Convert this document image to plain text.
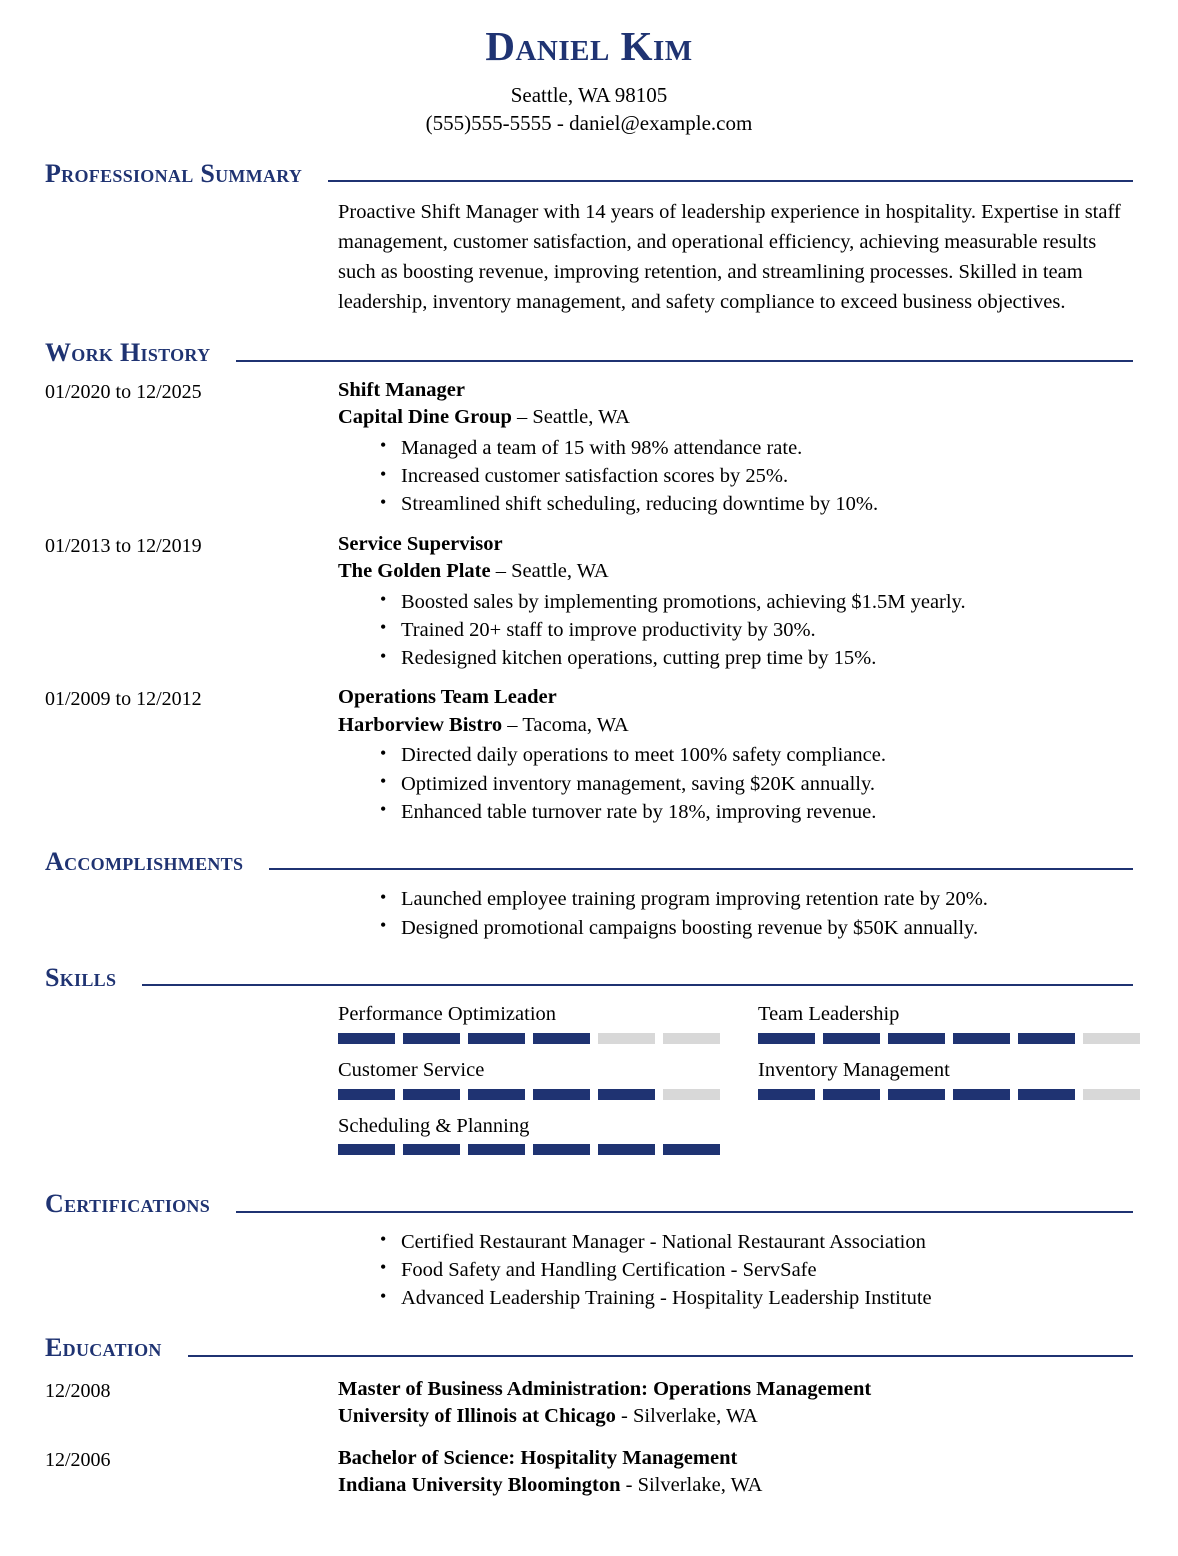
Daniel Kim
Seattle, WA 98105
(555)555-5555 - daniel@example.com
Professional Summary
Proactive Shift Manager with 14 years of leadership experience in hospitality. Expertise in staff management, customer satisfaction, and operational efficiency, achieving measurable results such as boosting revenue, improving retention, and streamlining processes. Skilled in team leadership, inventory management, and safety compliance to exceed business objectives.
Work History
01/2020 to 12/2025	Shift Manager
Capital Dine Group – Seattle, WA
• Managed a team of 15 with 98% attendance rate.
• Increased customer satisfaction scores by 25%.
• Streamlined shift scheduling, reducing downtime by 10%.
01/2013 to 12/2019	Service Supervisor
The Golden Plate – Seattle, WA
• Boosted sales by implementing promotions, achieving $1.5M yearly.
• Trained 20+ staff to improve productivity by 30%.
• Redesigned kitchen operations, cutting prep time by 15%.
01/2009 to 12/2012	Operations Team Leader
Harborview Bistro – Tacoma, WA
• Directed daily operations to meet 100% safety compliance.
• Optimized inventory management, saving $20K annually.
• Enhanced table turnover rate by 18%, improving revenue.
Accomplishments
• Launched employee training program improving retention rate by 20%.
• Designed promotional campaigns boosting revenue by $50K annually.
Skills
Performance Optimization
Customer Service
Scheduling & Planning
Team Leadership
Inventory Management
Certifications
• Certified Restaurant Manager - National Restaurant Association
• Food Safety and Handling Certification - ServSafe
• Advanced Leadership Training - Hospitality Leadership Institute
Education
12/2008	Master of Business Administration: Operations Management
University of Illinois at Chicago - Silverlake, WA
12/2006	Bachelor of Science: Hospitality Management
Indiana University Bloomington - Silverlake, WA
